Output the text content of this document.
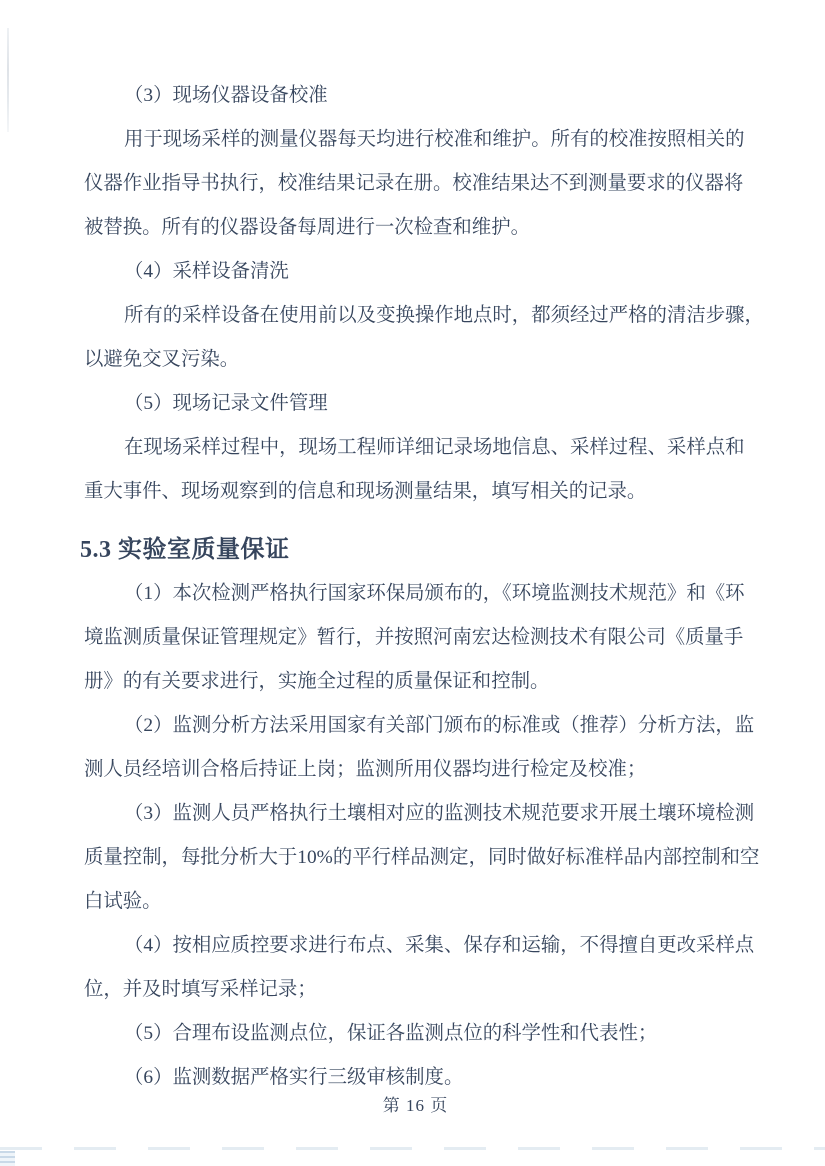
（3）现场仪器设备校准

用于现场采样的测量仪器每天均进行校准和维护。所有的校准按照相关的

仪器作业指导书执行，校准结果记录在册。校准结果达不到测量要求的仪器将

被替换。所有的仪器设备每周进行一次检查和维护。

（4）采样设备清洗

所有的采样设备在使用前以及变换操作地点时，都须经过严格的清洁步骤，

以避免交叉污染。

（5）现场记录文件管理

在现场采样过程中，现场工程师详细记录场地信息、采样过程、采样点和

重大事件、现场观察到的信息和现场测量结果，填写相关的记录。

5.3 实验室质量保证

（1）本次检测严格执行国家环保局颁布的，《环境监测技术规范》和《环

境监测质量保证管理规定》暂行，并按照河南宏达检测技术有限公司《质量手

册》的有关要求进行，实施全过程的质量保证和控制。

（2）监测分析方法采用国家有关部门颁布的标准或（推荐）分析方法，监

测人员经培训合格后持证上岗；监测所用仪器均进行检定及校准；

（3）监测人员严格执行土壤相对应的监测技术规范要求开展土壤环境检测

质量控制，每批分析大于10%的平行样品测定，同时做好标准样品内部控制和空

白试验。

（4）按相应质控要求进行布点、采集、保存和运输，不得擅自更改采样点

位，并及时填写采样记录；

（5）合理布设监测点位，保证各监测点位的科学性和代表性；

（6）监测数据严格实行三级审核制度。

第 16 页
